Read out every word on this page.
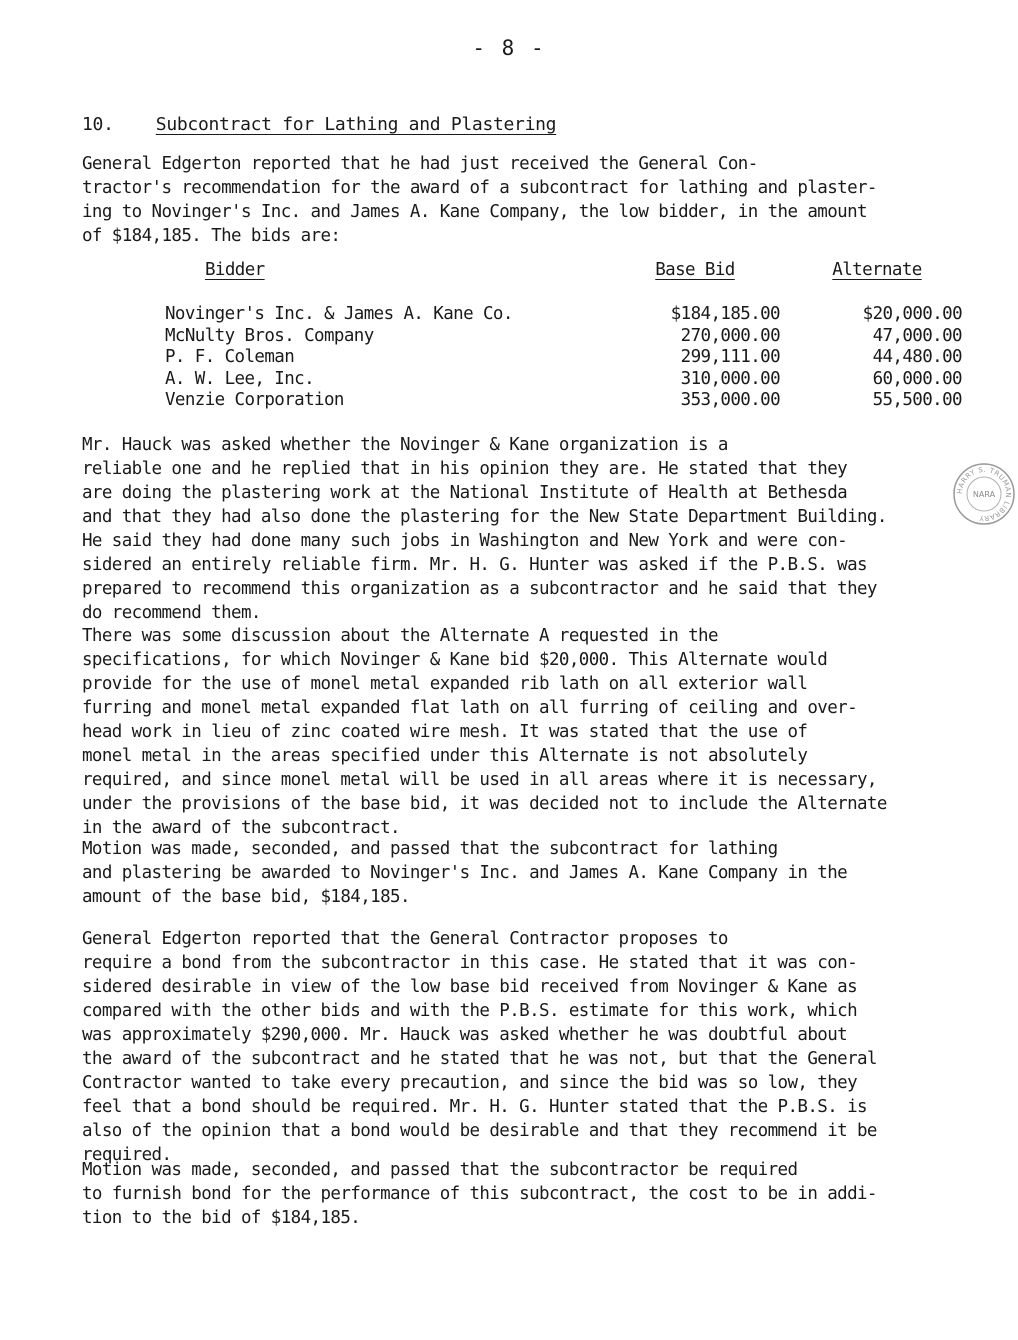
- 8 -
10. Subcontract for Lathing and Plastering

General Edgerton reported that he had just received the General Con-
tractor's recommendation for the award of a subcontract for lathing and plaster-
ing to Novinger's Inc. and James A. Kane Company, the low bidder, in the amount
of $184,185. The bids are:

Bidder	Base Bid	Alternate
Novinger's Inc. & James A. Kane Co.	$184,185.00	$20,000.00
McNulty Bros. Company	270,000.00	47,000.00
P. F. Coleman	299,111.00	44,480.00
A. W. Lee, Inc.	310,000.00	60,000.00
Venzie Corporation	353,000.00	55,500.00

Mr. Hauck was asked whether the Novinger & Kane organization is a
reliable one and he replied that in his opinion they are. He stated that they
are doing the plastering work at the National Institute of Health at Bethesda
and that they had also done the plastering for the New State Department Building.
He said they had done many such jobs in Washington and New York and were con-
sidered an entirely reliable firm. Mr. H. G. Hunter was asked if the P.B.S. was
prepared to recommend this organization as a subcontractor and he said that they
do recommend them.

There was some discussion about the Alternate A requested in the
specifications, for which Novinger & Kane bid $20,000. This Alternate would
provide for the use of monel metal expanded rib lath on all exterior wall
furring and monel metal expanded flat lath on all furring of ceiling and over-
head work in lieu of zinc coated wire mesh. It was stated that the use of
monel metal in the areas specified under this Alternate is not absolutely
required, and since monel metal will be used in all areas where it is necessary,
under the provisions of the base bid, it was decided not to include the Alternate
in the award of the subcontract.

Motion was made, seconded, and passed that the subcontract for lathing
and plastering be awarded to Novinger's Inc. and James A. Kane Company in the
amount of the base bid, $184,185.

General Edgerton reported that the General Contractor proposes to
require a bond from the subcontractor in this case. He stated that it was con-
sidered desirable in view of the low base bid received from Novinger & Kane as
compared with the other bids and with the P.B.S. estimate for this work, which
was approximately $290,000. Mr. Hauck was asked whether he was doubtful about
the award of the subcontract and he stated that he was not, but that the General
Contractor wanted to take every precaution, and since the bid was so low, they
feel that a bond should be required. Mr. H. G. Hunter stated that the P.B.S. is
also of the opinion that a bond would be desirable and that they recommend it be
required.

Motion was made, seconded, and passed that the subcontractor be required
to furnish bond for the performance of this subcontract, the cost to be in addi-
tion to the bid of $184,185.

HARRY S. TRUMAN LIBRARY
NARA
